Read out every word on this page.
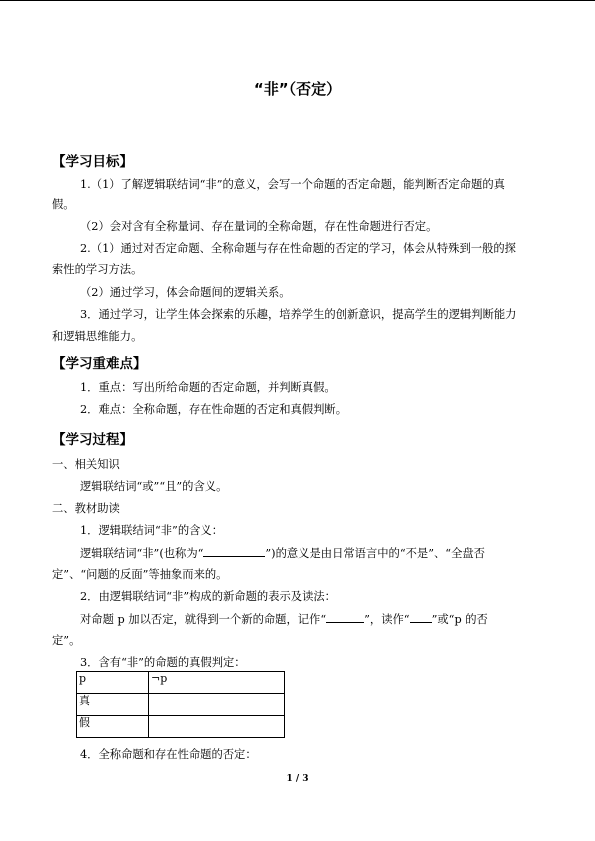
“非”（否定）
【学习目标】
1.（1）了解逻辑联结词“非”的意义，会写一个命题的否定命题，能判断否定命题的真
假。
（2）会对含有全称量词、存在量词的全称命题，存在性命题进行否定。
2.（1）通过对否定命题、全称命题与存在性命题的否定的学习，体会从特殊到一般的探
索性的学习方法。
（2）通过学习，体会命题间的逻辑关系。
3．通过学习，让学生体会探索的乐趣，培养学生的创新意识，提高学生的逻辑判断能力
和逻辑思维能力。
【学习重难点】
1．重点：写出所给命题的否定命题，并判断真假。
2．难点：全称命题，存在性命题的否定和真假判断。
【学习过程】
一、相关知识
逻辑联结词“或”“且”的含义。
二、教材助读
1．逻辑联结词“非”的含义：
逻辑联结词“非”(也称为“	”)的意义是由日常语言中的“不是”、“全盘否
定”、“问题的反面”等抽象而来的。
2．由逻辑联结词“非”构成的新命题的表示及读法：
对命题 p 加以否定，就得到一个新的命题，记作“	”，读作“ ”或“p 的否
定”。
3．含有“非”的命题的真假判定：
p	¬p
真	
假	
4．全称命题和存在性命题的否定：
1 / 3
